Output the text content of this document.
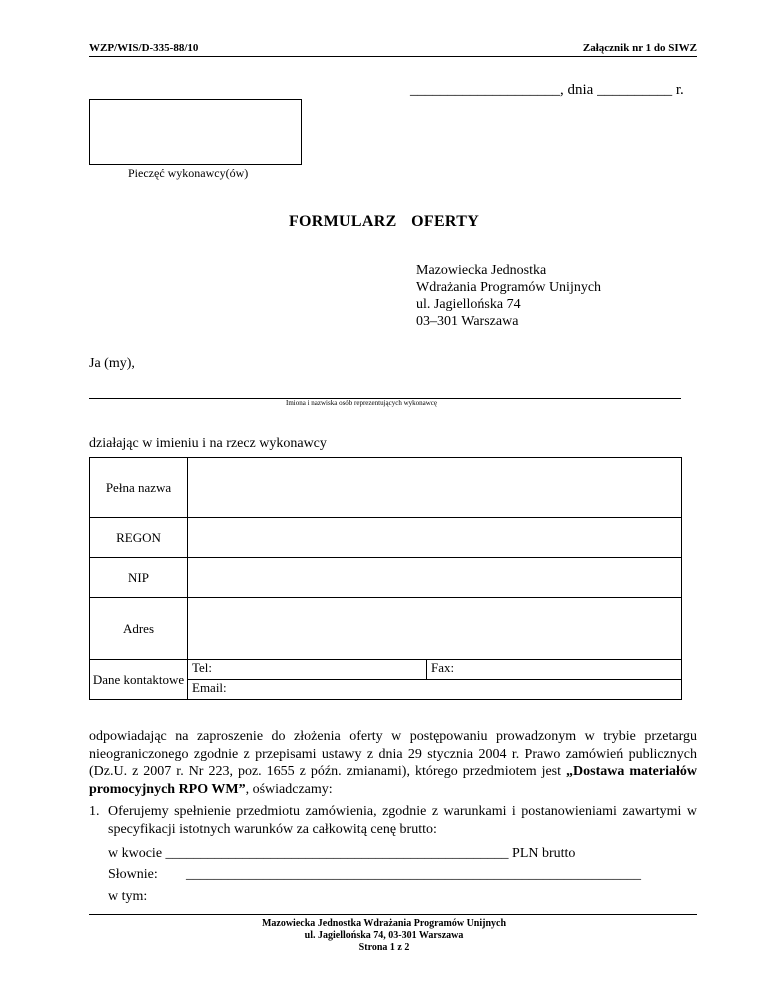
WZP/WIS/D-335-88/10	Załącznik nr 1 do SIWZ
____________________, dnia __________ r.
Pieczęć wykonawcy(ów)
FORMULARZ  OFERTY
Mazowiecka Jednostka
Wdrażania Programów Unijnych
ul. Jagiellońska 74
03–301 Warszawa
Ja (my),
Imiona i nazwiska osób reprezentujących wykonawcę
działając w imieniu i na rzecz wykonawcy
Pełna nazwa		
REGON		
NIP		
Adres		
Dane kontaktowe	Tel:	Fax:
	Email:	
odpowiadając na zaproszenie do złożenia oferty w postępowaniu prowadzonym w trybie przetargu nieograniczonego zgodnie z przepisami ustawy z dnia 29 stycznia 2004 r. Prawo zamówień publicznych (Dz.U. z 2007 r. Nr 223, poz. 1655 z późn. zmianami), którego przedmiotem jest „Dostawa materiałów promocyjnych RPO WM”, oświadczamy:
1. Oferujemy spełnienie przedmiotu zamówienia, zgodnie z warunkami i postanowieniami zawartymi w specyfikacji istotnych warunków za całkowitą cenę brutto:
w kwocie _________________________________________________ PLN brutto
Słownie: _________________________________________________________________
w tym:
Mazowiecka Jednostka Wdrażania Programów Unijnych
ul. Jagiellońska 74, 03-301 Warszawa
Strona 1 z 2
